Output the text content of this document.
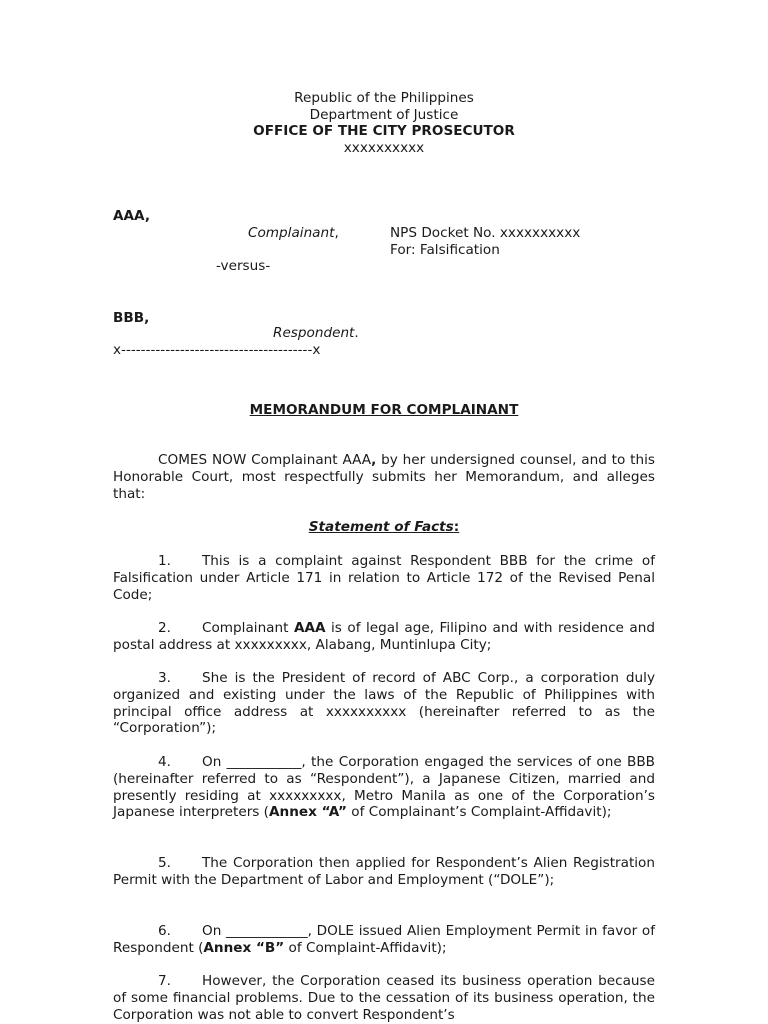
Republic of the Philippines

Department of Justice

OFFICE OF THE CITY PROSECUTOR

xxxxxxxxxx

AAA,

Complainant,	NPS Docket No. xxxxxxxxxx

For: Falsification

-versus-

BBB,

Respondent.

x---------------------------------------x

MEMORANDUM FOR COMPLAINANT

COMES NOW Complainant AAA, by her undersigned counsel, and to this Honorable Court, most respectfully submits her Memorandum, and alleges that:

Statement of Facts:

1. This is a complaint against Respondent BBB for the crime of Falsification under Article 171 in relation to Article 172 of the Revised Penal Code;

2. Complainant AAA is of legal age, Filipino and with residence and postal address at xxxxxxxxx, Alabang, Muntinlupa City;

3. She is the President of record of ABC Corp., a corporation duly organized and existing under the laws of the Republic of Philippines with principal office address at xxxxxxxxxx (hereinafter referred to as the “Corporation”);

4. On ___________, the Corporation engaged the services of one BBB (hereinafter referred to as “Respondent”), a Japanese Citizen, married and presently residing at xxxxxxxxx, Metro Manila as one of the Corporation’s Japanese interpreters (Annex “A” of Complainant’s Complaint-Affidavit);

5. The Corporation then applied for Respondent’s Alien Registration Permit with the Department of Labor and Employment (“DOLE”);

6. On ____________, DOLE issued Alien Employment Permit in favor of Respondent (Annex “B” of Complaint-Affidavit);

7. However, the Corporation ceased its business operation because of some financial problems. Due to the cessation of its business operation, the Corporation was not able to convert Respondent’s
